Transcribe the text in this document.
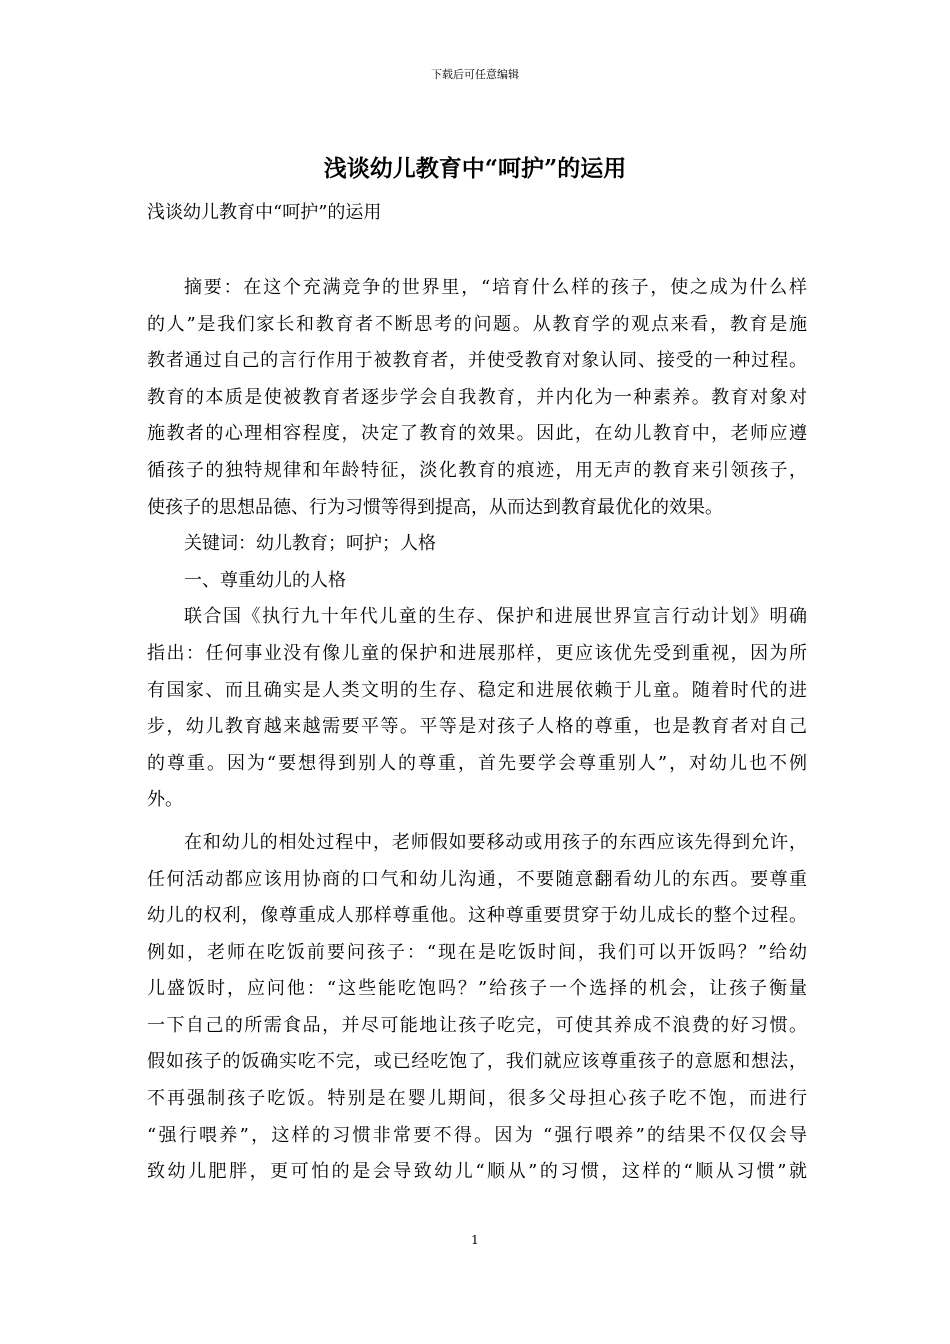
下载后可任意编辑
浅谈幼儿教育中“呵护”的运用
浅谈幼儿教育中“呵护”的运用
摘要：在这个充满竞争的世界里，“培育什么样的孩子，使之成为什么样
的人”是我们家长和教育者不断思考的问题。从教育学的观点来看，教育是施
教者通过自己的言行作用于被教育者，并使受教育对象认同、接受的一种过程。
教育的本质是使被教育者逐步学会自我教育，并内化为一种素养。教育对象对
施教者的心理相容程度，决定了教育的效果。因此，在幼儿教育中，老师应遵
循孩子的独特规律和年龄特征，淡化教育的痕迹，用无声的教育来引领孩子，
使孩子的思想品德、行为习惯等得到提高，从而达到教育最优化的效果。
关键词：幼儿教育；呵护；人格
一、尊重幼儿的人格
联合国《执行九十年代儿童的生存、保护和进展世界宣言行动计划》明确
指出：任何事业没有像儿童的保护和进展那样，更应该优先受到重视，因为所
有国家、而且确实是人类文明的生存、稳定和进展依赖于儿童。随着时代的进
步，幼儿教育越来越需要平等。平等是对孩子人格的尊重，也是教育者对自己
的尊重。因为“要想得到别人的尊重，首先要学会尊重别人”，对幼儿也不例
外。
在和幼儿的相处过程中，老师假如要移动或用孩子的东西应该先得到允许，
任何活动都应该用协商的口气和幼儿沟通，不要随意翻看幼儿的东西。要尊重
幼儿的权利，像尊重成人那样尊重他。这种尊重要贯穿于幼儿成长的整个过程。
例如，老师在吃饭前要问孩子：“现在是吃饭时间，我们可以开饭吗？”给幼
儿盛饭时，应问他：“这些能吃饱吗？”给孩子一个选择的机会，让孩子衡量
一下自己的所需食品，并尽可能地让孩子吃完，可使其养成不浪费的好习惯。
假如孩子的饭确实吃不完，或已经吃饱了，我们就应该尊重孩子的意愿和想法，
不再强制孩子吃饭。特别是在婴儿期间，很多父母担心孩子吃不饱，而进行
“强行喂养”，这样的习惯非常要不得。因为 “强行喂养”的结果不仅仅会导
致幼儿肥胖，更可怕的是会导致幼儿“顺从”的习惯，这样的“顺从习惯”就
1
